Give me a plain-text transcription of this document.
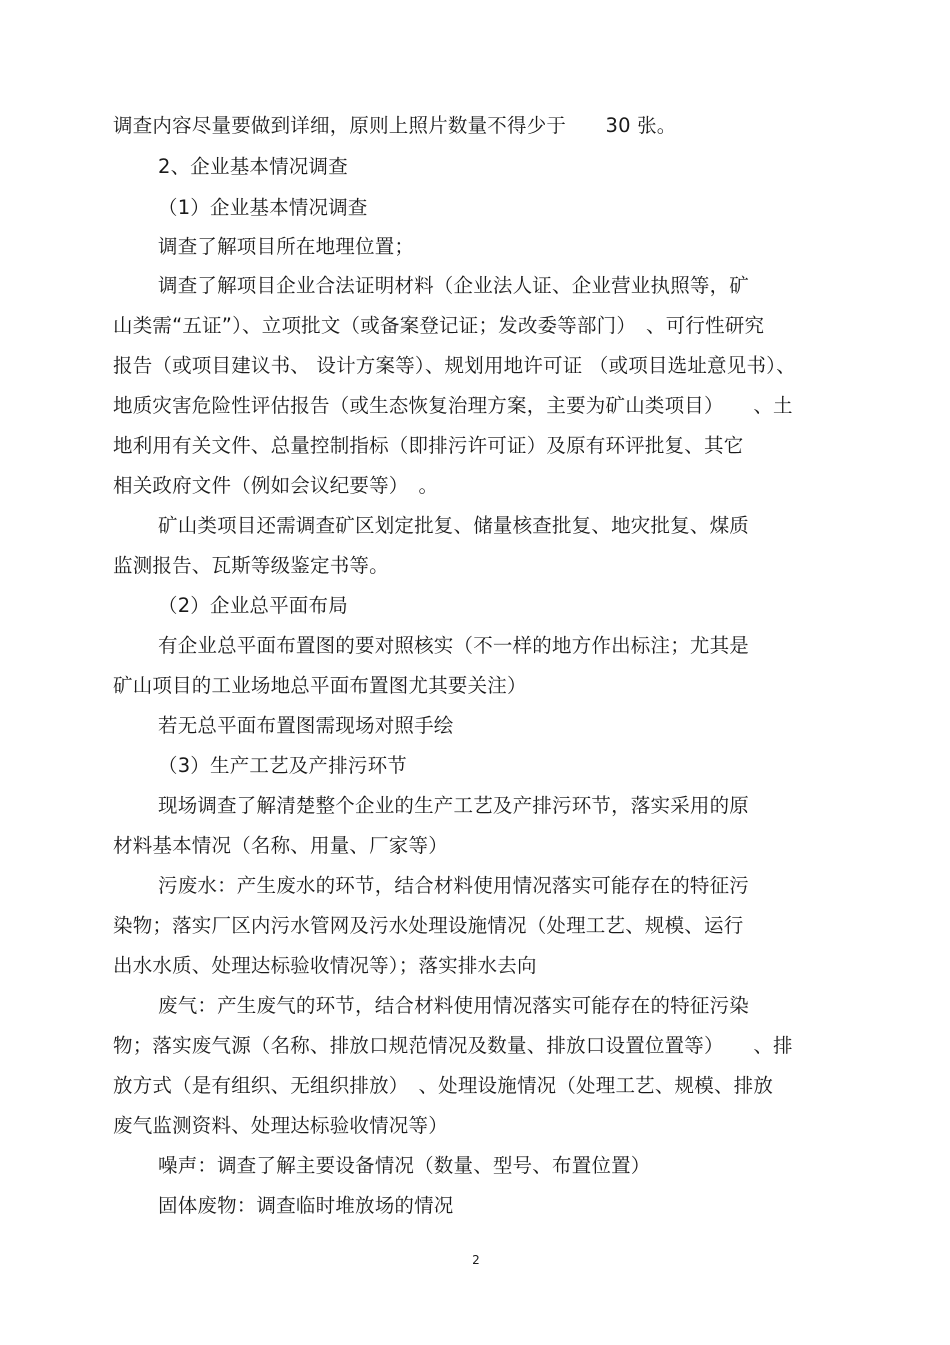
调查内容尽量要做到详细，原则上照片数量不得少于　　30 张。
2、企业基本情况调查
（1）企业基本情况调查
调查了解项目所在地理位置；
调查了解项目企业合法证明材料（企业法人证、企业营业执照等，矿
山类需“五证”）、立项批文（或备案登记证；发改委等部门）　、可行性研究
报告（或项目建议书、 设计方案等）、规划用地许可证 （或项目选址意见书）、
地质灾害危险性评估报告（或生态恢复治理方案，主要为矿山类项目）　　、土
地利用有关文件、总量控制指标（即排污许可证）及原有环评批复、其它
相关政府文件（例如会议纪要等）　。
矿山类项目还需调查矿区划定批复、储量核查批复、地灾批复、煤质
监测报告、瓦斯等级鉴定书等。
（2）企业总平面布局
有企业总平面布置图的要对照核实（不一样的地方作出标注；尤其是
矿山项目的工业场地总平面布置图尤其要关注）
若无总平面布置图需现场对照手绘
（3）生产工艺及产排污环节
现场调查了解清楚整个企业的生产工艺及产排污环节，落实采用的原
材料基本情况（名称、用量、厂家等）
污废水：产生废水的环节，结合材料使用情况落实可能存在的特征污
染物；落实厂区内污水管网及污水处理设施情况（处理工艺、规模、运行
出水水质、处理达标验收情况等）；落实排水去向
废气：产生废气的环节，结合材料使用情况落实可能存在的特征污染
物；落实废气源（名称、排放口规范情况及数量、排放口设置位置等）　　、排
放方式（是有组织、无组织排放）　、处理设施情况（处理工艺、规模、排放
废气监测资料、处理达标验收情况等）
噪声：调查了解主要设备情况（数量、型号、布置位置）
固体废物：调查临时堆放场的情况
2
